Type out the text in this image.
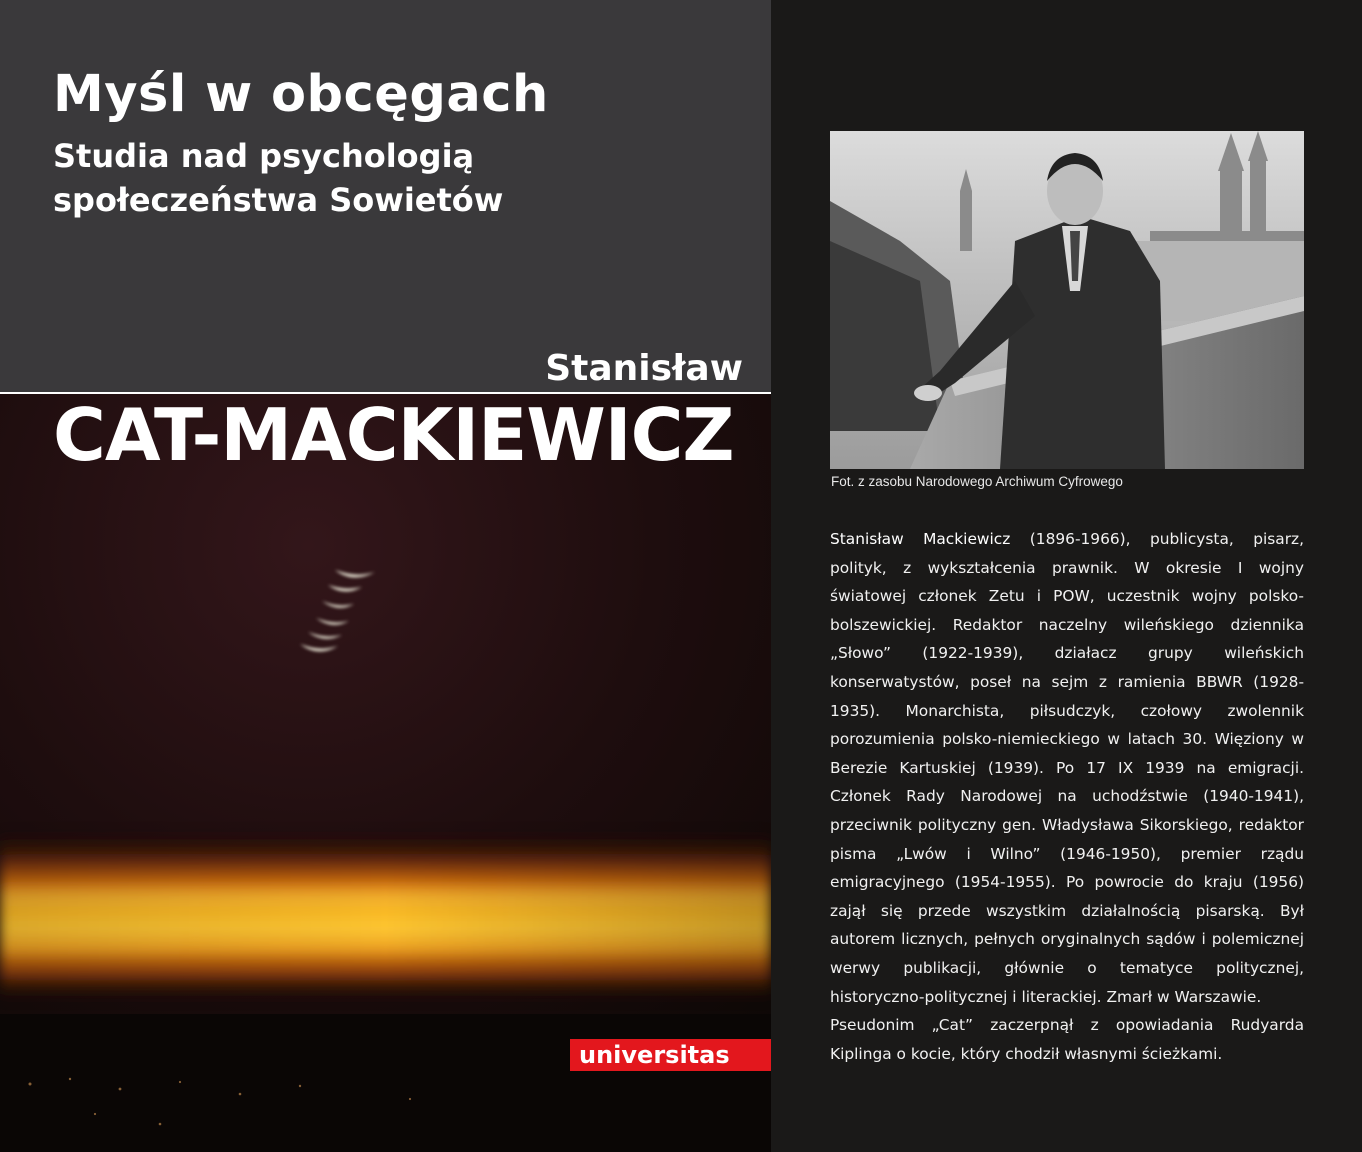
Myśl w obcęgach
Studia nad psychologią
społeczeństwa Sowietów
Stanisław
CAT-MACKIEWICZ
universitas
Fot. z zasobu Narodowego Archiwum Cyfrowego

Stanisław Mackiewicz (1896-1966), publicysta, pisarz, polityk, z wykształcenia prawnik. W okresie I wojny światowej członek Zetu i POW, uczestnik wojny polsko-bolszewickiej. Redaktor naczelny wileńskiego dziennika „Słowo” (1922-1939), działacz grupy wileńskich konserwatystów, poseł na sejm z ramienia BBWR (1928-1935). Monarchista, piłsudczyk, czołowy zwolennik porozumienia polsko-niemieckiego w latach 30. Więziony w Berezie Kartuskiej (1939). Po 17 IX 1939 na emigracji. Członek Rady Narodowej na uchodźstwie (1940-1941), przeciwnik polityczny gen. Władysława Sikorskiego, redaktor pisma „Lwów i Wilno” (1946-1950), premier rządu emigracyjnego (1954-1955). Po powrocie do kraju (1956) zajął się przede wszystkim działalnością pisarską. Był autorem licznych, pełnych oryginalnych sądów i polemicznej werwy publikacji, głównie o tematyce politycznej, historyczno-politycznej i literackiej. Zmarł w Warszawie.

Pseudonim „Cat” zaczerpnął z opowiadania Rudyarda Kiplinga o kocie, który chodził własnymi ścieżkami.
